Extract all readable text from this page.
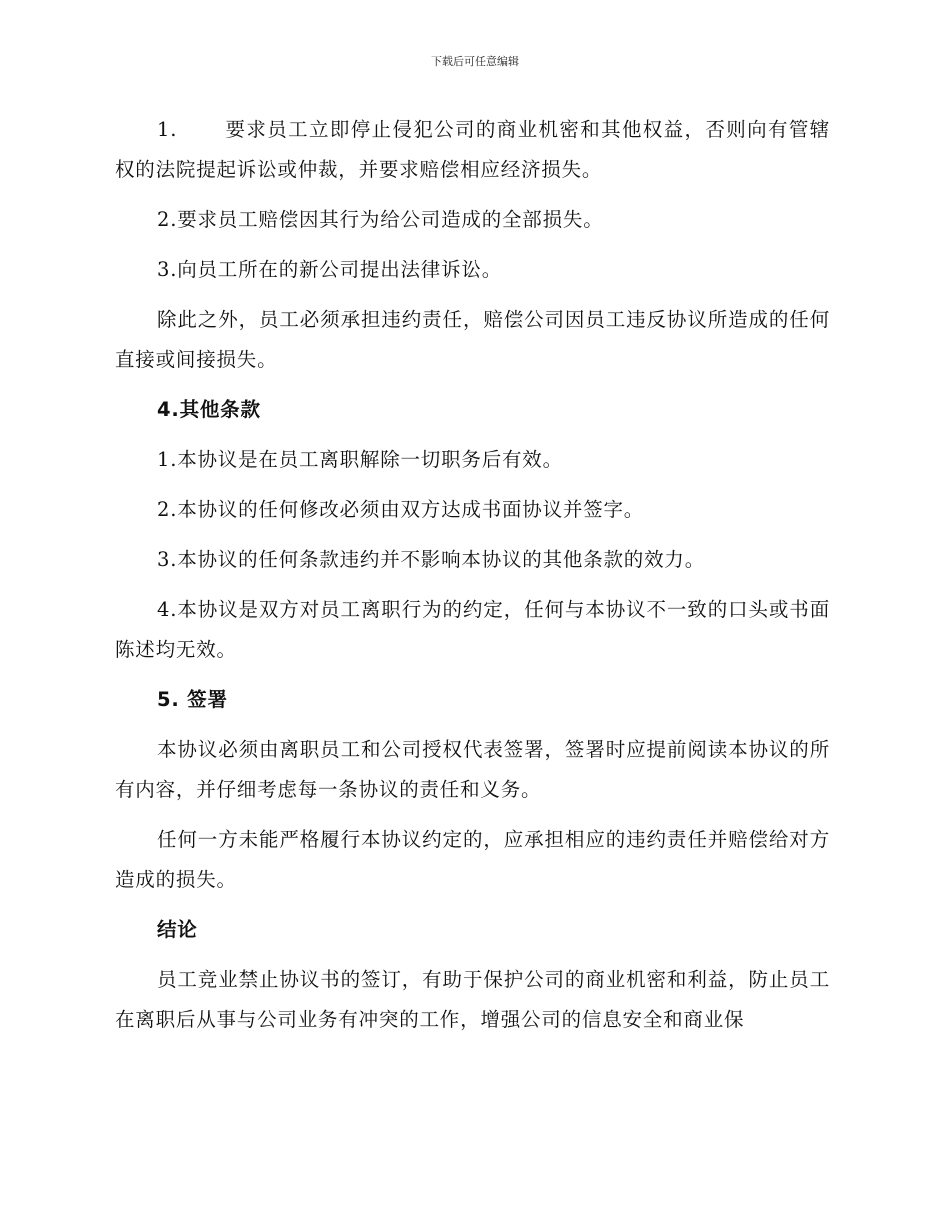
下载后可任意编辑

1. 要求员工立即停止侵犯公司的商业机密和其他权益，否则向有管辖权的法院提起诉讼或仲裁，并要求赔偿相应经济损失。

2.要求员工赔偿因其行为给公司造成的全部损失。

3.向员工所在的新公司提出法律诉讼。

除此之外，员工必须承担违约责任，赔偿公司因员工违反协议所造成的任何直接或间接损失。

4.其他条款

1.本协议是在员工离职解除一切职务后有效。

2.本协议的任何修改必须由双方达成书面协议并签字。

3.本协议的任何条款违约并不影响本协议的其他条款的效力。

4.本协议是双方对员工离职行为的约定，任何与本协议不一致的口头或书面陈述均无效。

5. 签署

本协议必须由离职员工和公司授权代表签署，签署时应提前阅读本协议的所有内容，并仔细考虑每一条协议的责任和义务。

任何一方未能严格履行本协议约定的，应承担相应的违约责任并赔偿给对方造成的损失。

结论

员工竞业禁止协议书的签订，有助于保护公司的商业机密和利益，防止员工在离职后从事与公司业务有冲突的工作，增强公司的信息安全和商业保
